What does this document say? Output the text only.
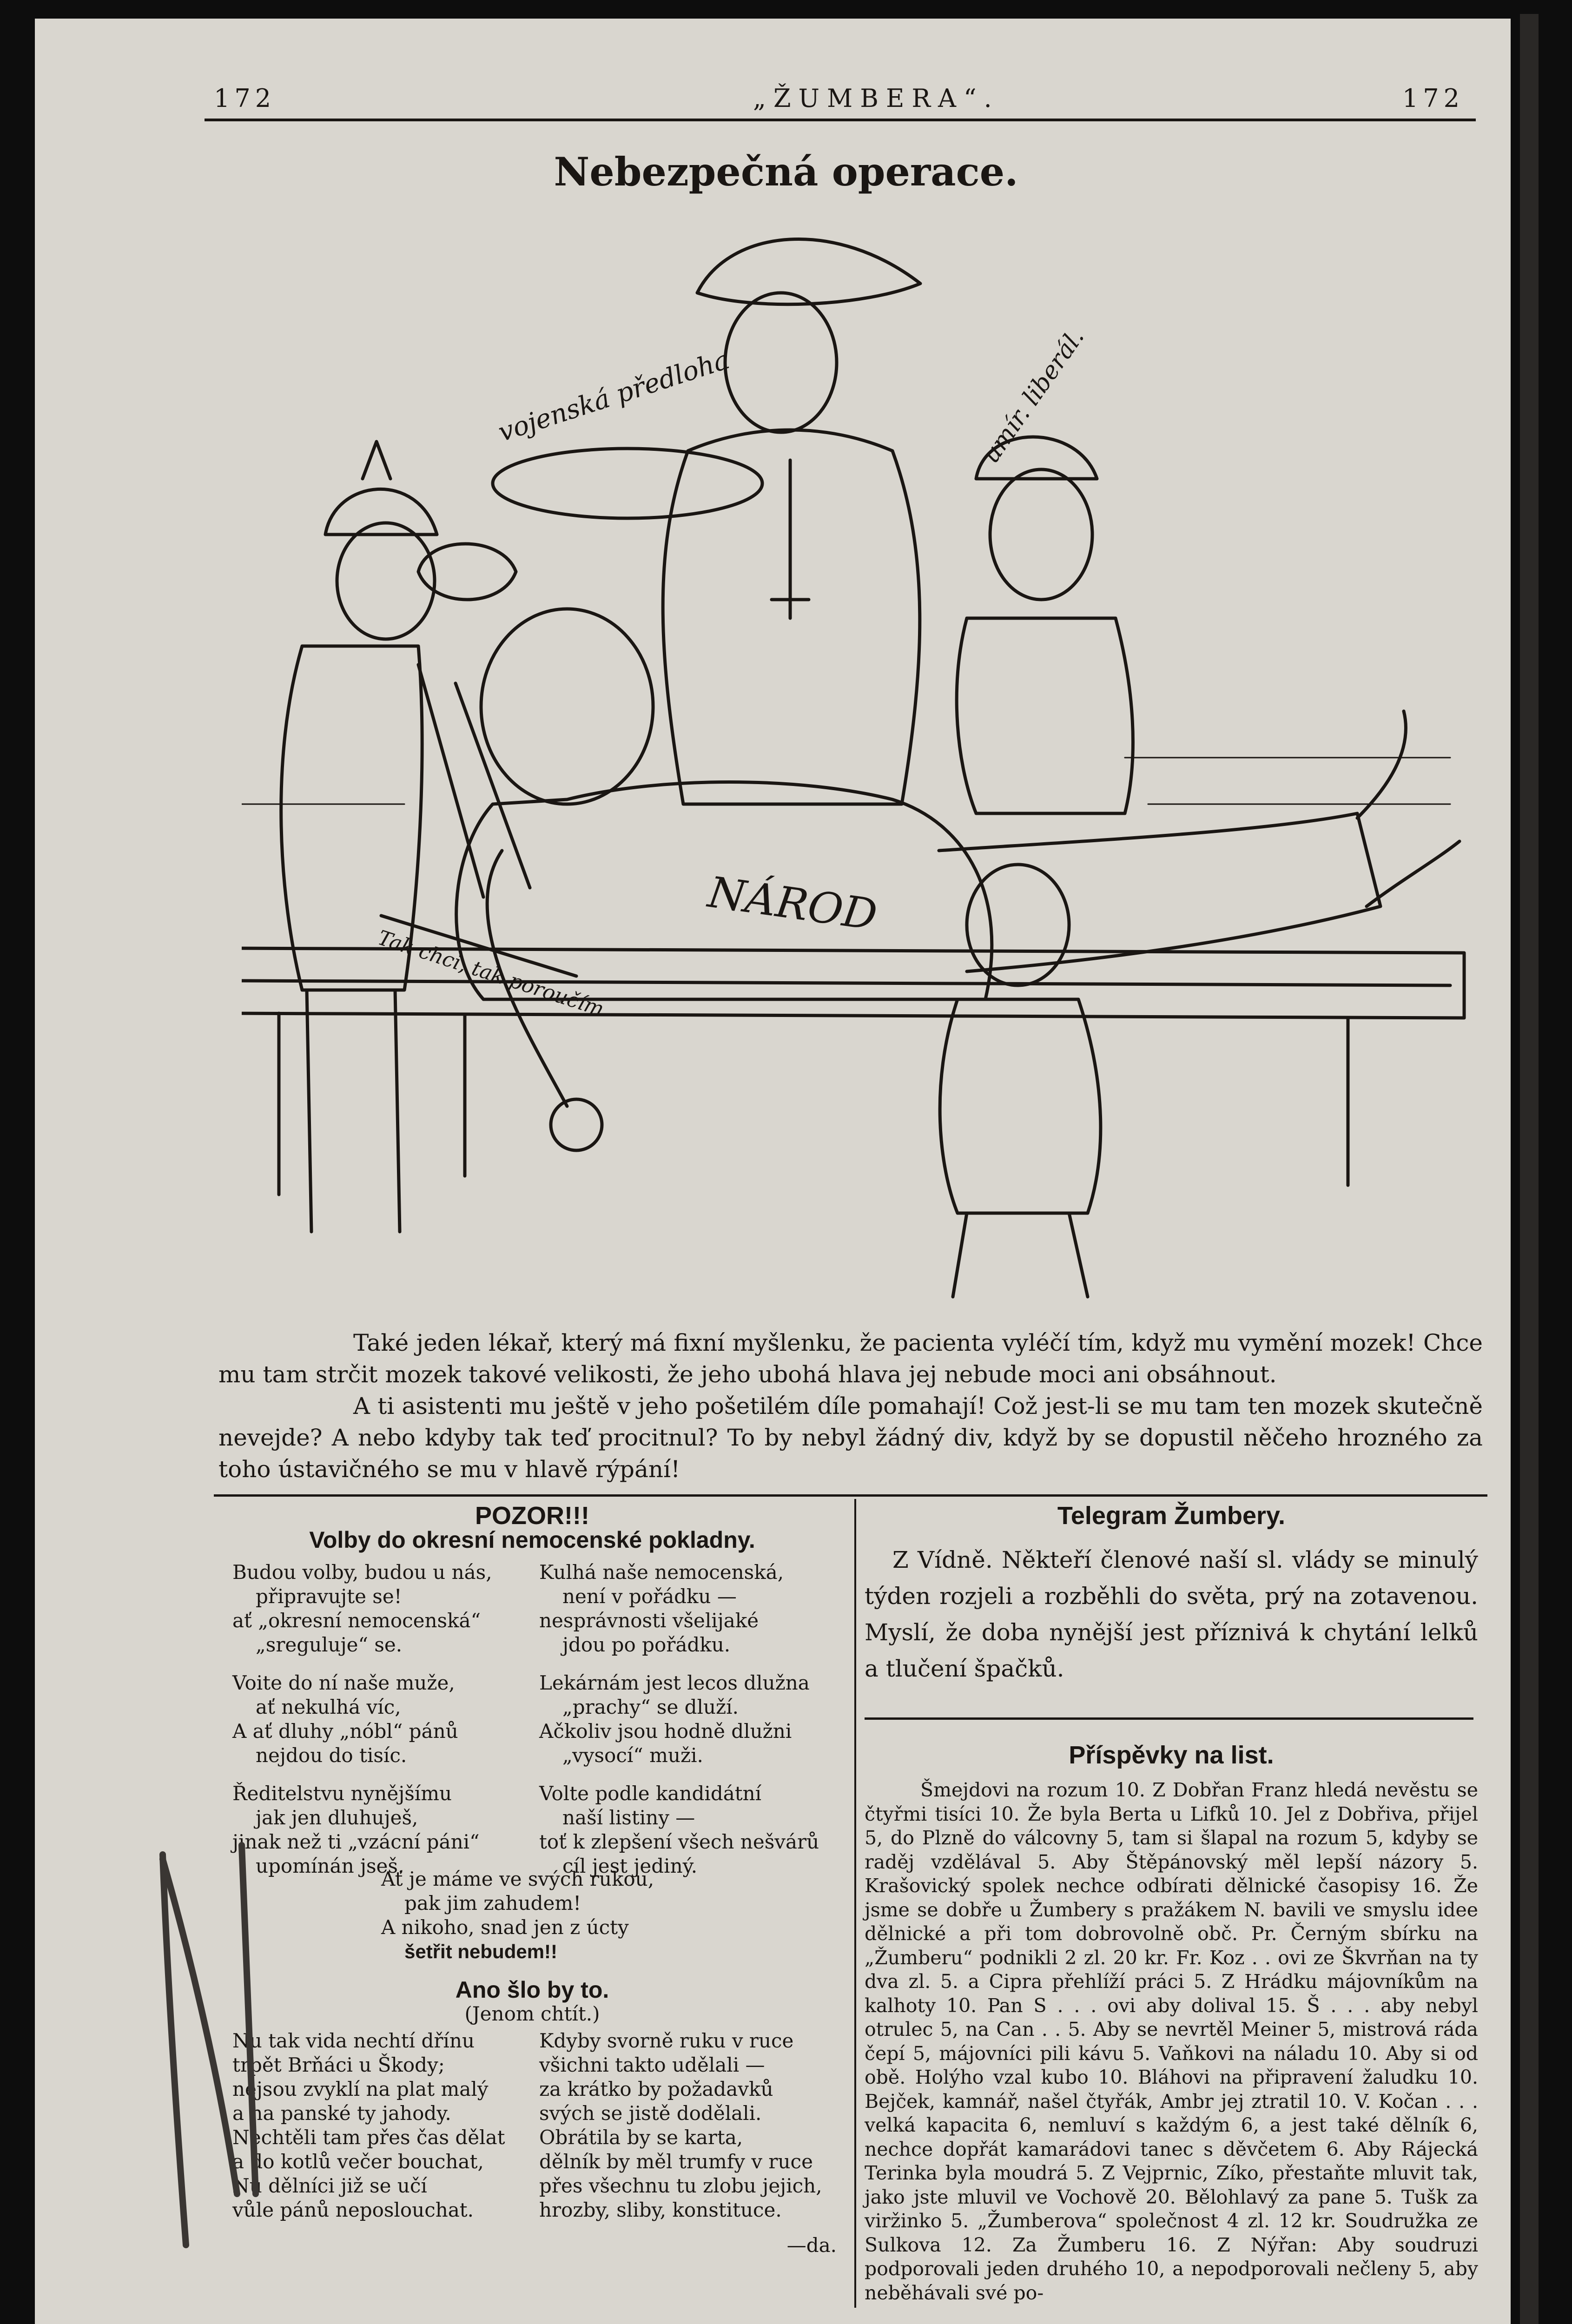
172	„ŽUMBERA“.	172
Nebezpečná operace.
vojenská předloha	umír. liberál.
NÁROD
Tak chci, tak poroučím

Také jeden lékař, který má fixní myšlenku, že pacienta vyléčí tím, když mu vymění mozek! Chce mu tam strčit mozek takové velikosti, že jeho ubohá hlava jej nebude moci ani obsáhnout.

A ti asistenti mu ještě v jeho pošetilém díle pomahají! Což jest-li se mu tam ten mozek skutečně nevejde? A nebo kdyby tak teď procitnul? To by nebyl žádný div, když by se dopustil něčeho hrozného za toho ústavičného se mu v hlavě rýpání!

POZOR!!!
Volby do okresní nemocenské pokladny.
Budou volby, budou u nás,
připravujte se!
ať „okresní nemocenská“
„sreguluje“ se.
Voite do ní naše muže,
ať nekulhá víc,
A ať dluhy „nóbl“ pánů
nejdou do tisíc.
Ředitelstvu nynějšímu
jak jen dluhuješ,
jinak než ti „vzácní páni“
upomínán jseš.
Kulhá naše nemocenská,
není v pořádku —
nesprávnosti všelijaké
jdou po pořádku.
Lekárnám jest lecos dlužna
„prachy“ se dluží.
Ačkoliv jsou hodně dlužni
„vysocí“ muži.
Volte podle kandidátní
naší listiny —
toť k zlepšení všech nešvárů
cíl jest jediný.
Ať je máme ve svých rukou,
pak jim zahudem!
A nikoho, snad jen z úcty
šetřit nebudem!!
Ano šlo by to.
(Jenom chtít.)
Nu tak vida nechtí dřínu
trpět Brňáci u Škody;
nejsou zvyklí na plat malý
a na panské ty jahody.
Nechtěli tam přes čas dělat
a do kotlů večer bouchat,
Nu dělníci již se učí
vůle pánů neposlouchat.
Kdyby svorně ruku v ruce
všichni takto udělali —
za krátko by požadavků
svých se jistě dodělali.
Obrátila by se karta,
dělník by měl trumfy v ruce
přes všechnu tu zlobu jejich,
hrozby, sliby, konstituce.
—da.
Telegram Žumbery.

Z Vídně. Někteří členové naší sl. vlády se minulý týden rozjeli a rozběhli do světa, prý na zotavenou. Myslí, že doba nynější jest příznivá k chytání lelků a tlučení špačků.

Příspěvky na list.

Šmejdovi na rozum 10. Z Dobřan Franz hledá nevěstu se čtyřmi tisíci 10. Že byla Berta u Lifků 10. Jel z Dobřiva, přijel 5, do Plzně do válcovny 5, tam si šlapal na rozum 5, kdyby se raděj vzdělával 5. Aby Štěpánovský měl lepší názory 5. Krašovický spolek nechce odbírati dělnické časopisy 16. Že jsme se dobře u Žumbery s pražákem N. bavili ve smyslu idee dělnické a při tom dobrovolně obč. Pr. Černým sbírku na „Žumberu“ podnikli 2 zl. 20 kr. Fr. Koz . . ovi ze Škvrňan na ty dva zl. 5. a Cipra přehlíží práci 5. Z Hrádku májovníkům na kalhoty 10. Pan S . . . ovi aby dolival 15. Š . . . aby nebyl otrulec 5, na Can . . 5. Aby se nevrtěl Meiner 5, mistrová ráda čepí 5, májovníci pili kávu 5. Vaňkovi na náladu 10. Aby si od obě. Holýho vzal kubo 10. Bláhovi na připravení žaludku 10. Bejček, kamnář, našel čtyřák, Ambr jej ztratil 10. V. Kočan . . . velká kapacita 6, nemluví s každým 6, a jest také dělník 6, nechce dopřát kamarádovi tanec s děvčetem 6. Aby Rájecká Terinka byla moudrá 5. Z Vejprnic, Zíko, přestaňte mluvit tak, jako jste mluvil ve Vochově 20. Bělohlavý za pane 5. Tušk za viržinko 5. „Žumberova“ společnost 4 zl. 12 kr. Soudružka ze Sulkova 12. Za Žumberu 16. Z Nýřan: Aby soudruzi podporovali jeden druhého 10, a nepodporovali nečleny 5, aby neběhávali své po-
